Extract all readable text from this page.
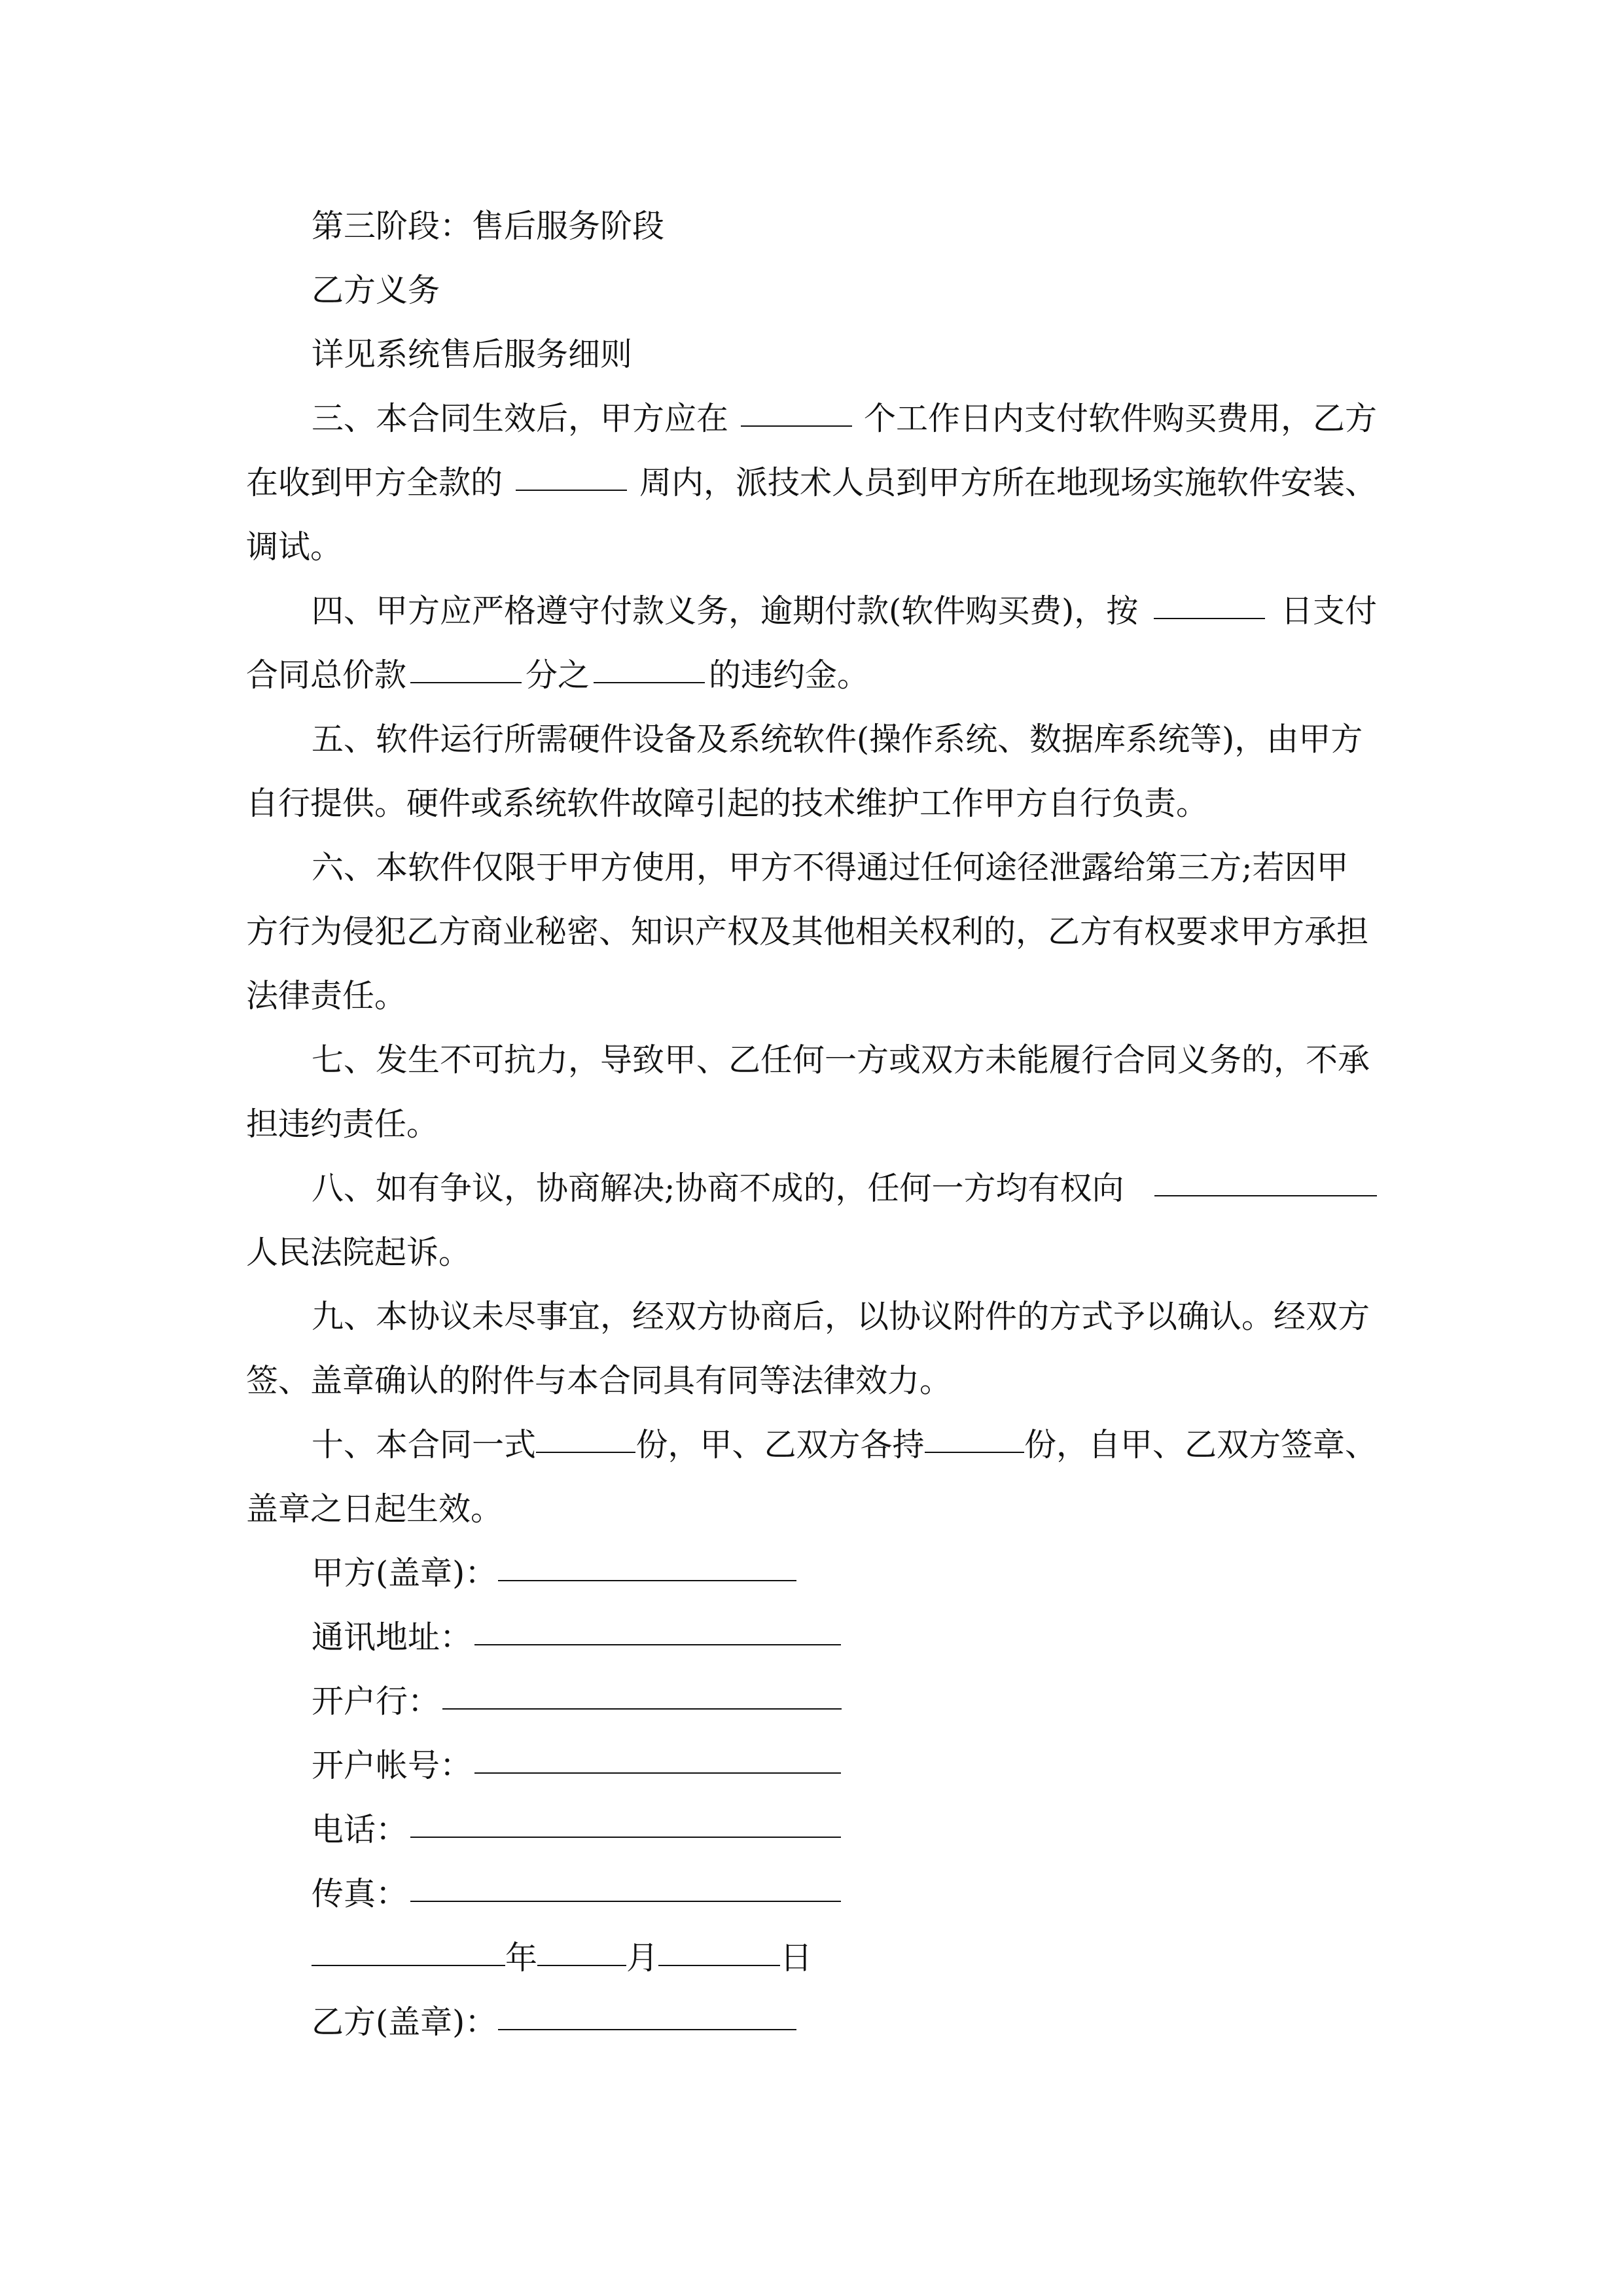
第三阶段：售后服务阶段
乙方义务
详见系统售后服务细则
三、本合同生效后，甲方应在	个工作日内支付软件购买费用，乙方
在收到甲方全款的	周内，派技术人员到甲方所在地现场实施软件安装、
调试。
四、甲方应严格遵守付款义务，逾期付款(软件购买费)，按	日支付
合同总价款	分之	的违约金。
五、软件运行所需硬件设备及系统软件(操作系统、数据库系统等)，由甲方
自行提供。硬件或系统软件故障引起的技术维护工作甲方自行负责。
六、本软件仅限于甲方使用，甲方不得通过任何途径泄露给第三方;若因甲
方行为侵犯乙方商业秘密、知识产权及其他相关权利的，乙方有权要求甲方承担
法律责任。
七、发生不可抗力，导致甲、乙任何一方或双方未能履行合同义务的，不承
担违约责任。
八、如有争议，协商解决;协商不成的，任何一方均有权向
人民法院起诉。
九、本协议未尽事宜，经双方协商后，以协议附件的方式予以确认。经双方
签、盖章确认的附件与本合同具有同等法律效力。
十、本合同一式	份，甲、乙双方各持	份，自甲、乙双方签章、
盖章之日起生效。
甲方(盖章)：
通讯地址：
开户行：
开户帐号：
电话：
传真：
年	月	日
乙方(盖章)：
